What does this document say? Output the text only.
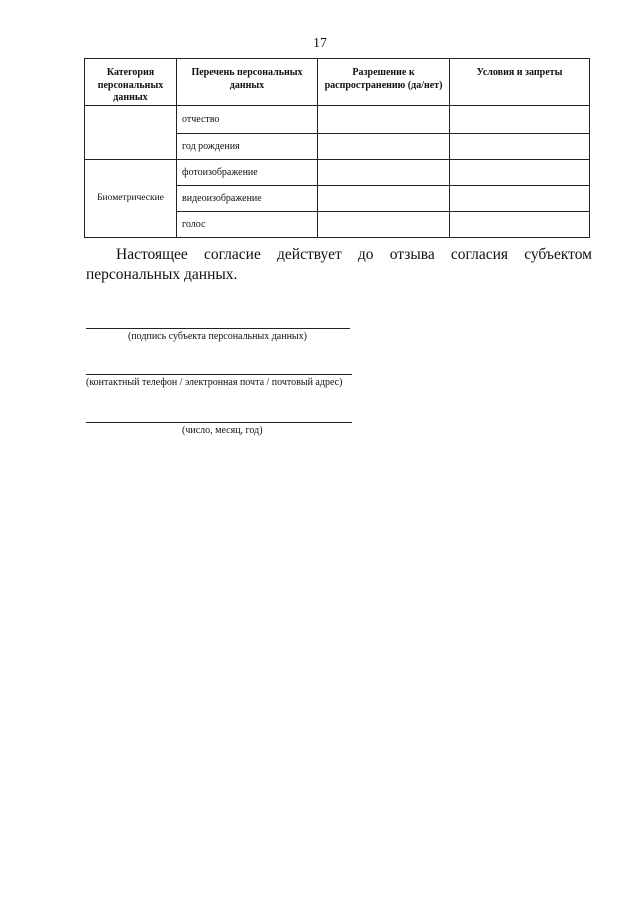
17
Категория персональных данных	Перечень персональных данных	Разрешение к распространению (да/нет)	Условия и запреты
	отчество		
	год рождения		
Биометрические	фотоизображение		
	видеоизображение		
	голос		
Настоящее согласие действует до отзыва согласия субъектом персональных данных.
(подпись субъекта персональных данных)
(контактный телефон / электронная почта / почтовый адрес)
(число, месяц, год)
